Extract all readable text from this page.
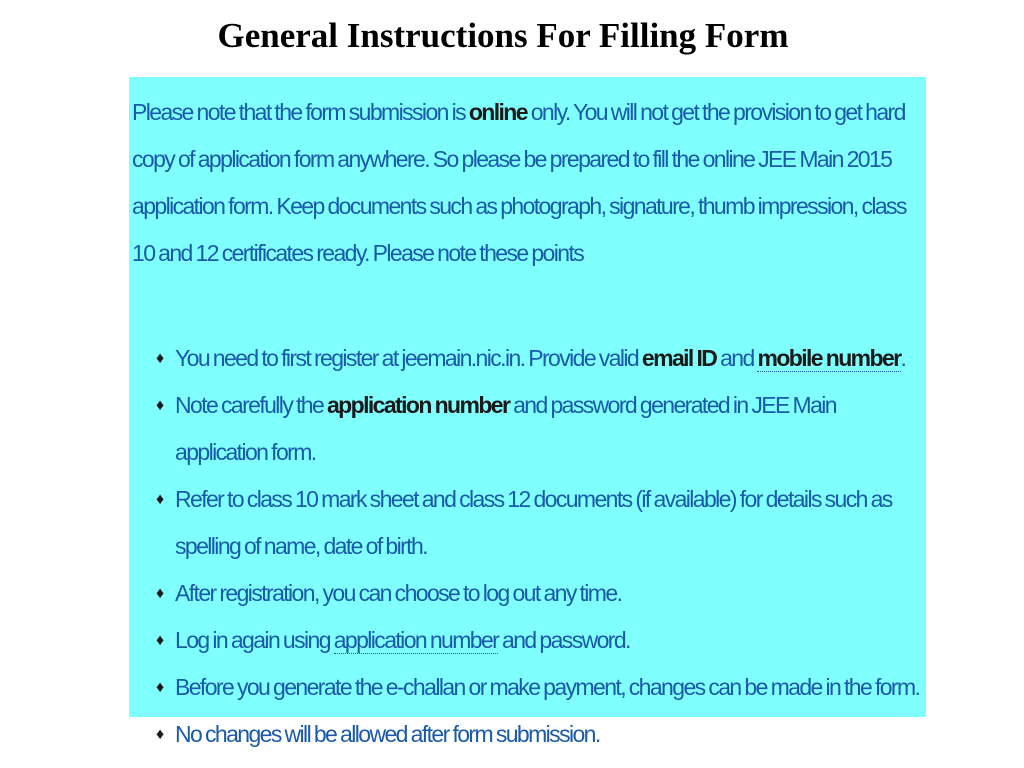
General Instructions For Filling Form

Please note that the form submission is online only. You will not get the provision to get hard copy of application form anywhere. So please be prepared to fill the online JEE Main 2015 application form. Keep documents such as photograph, signature, thumb impression, class 10 and 12 certificates ready. Please note these points

♦ You need to first register at jeemain.nic.in. Provide valid email ID and mobile number.
♦ Note carefully the application number and password generated in JEE Main application form.
♦ Refer to class 10 mark sheet and class 12 documents (if available) for details such as spelling of name, date of birth.
♦ After registration, you can choose to log out any time.
♦ Log in again using application number and password.
♦ Before you generate the e-challan or make payment, changes can be made in the form.
♦ No changes will be allowed after form submission.
